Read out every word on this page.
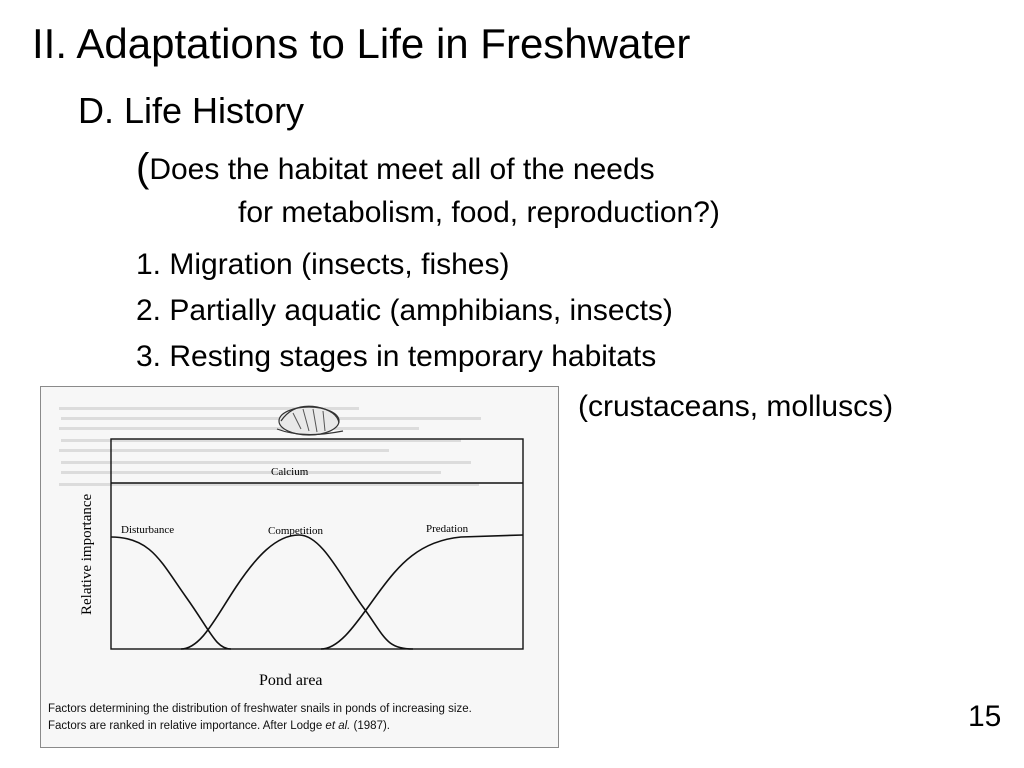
II. Adaptations to Life in Freshwater
D. Life History
(Does the habitat meet all of the needs
for metabolism, food, reproduction?)
1. Migration (insects, fishes)
2. Partially aquatic (amphibians, insects)
3. Resting stages in temporary habitats
(crustaceans, molluscs)
Calcium
Disturbance	Competition	Predation
Pond area
Relative importance
Factors determining the distribution of freshwater snails in ponds of increasing size.
Factors are ranked in relative importance. After Lodge et al. (1987).	15
